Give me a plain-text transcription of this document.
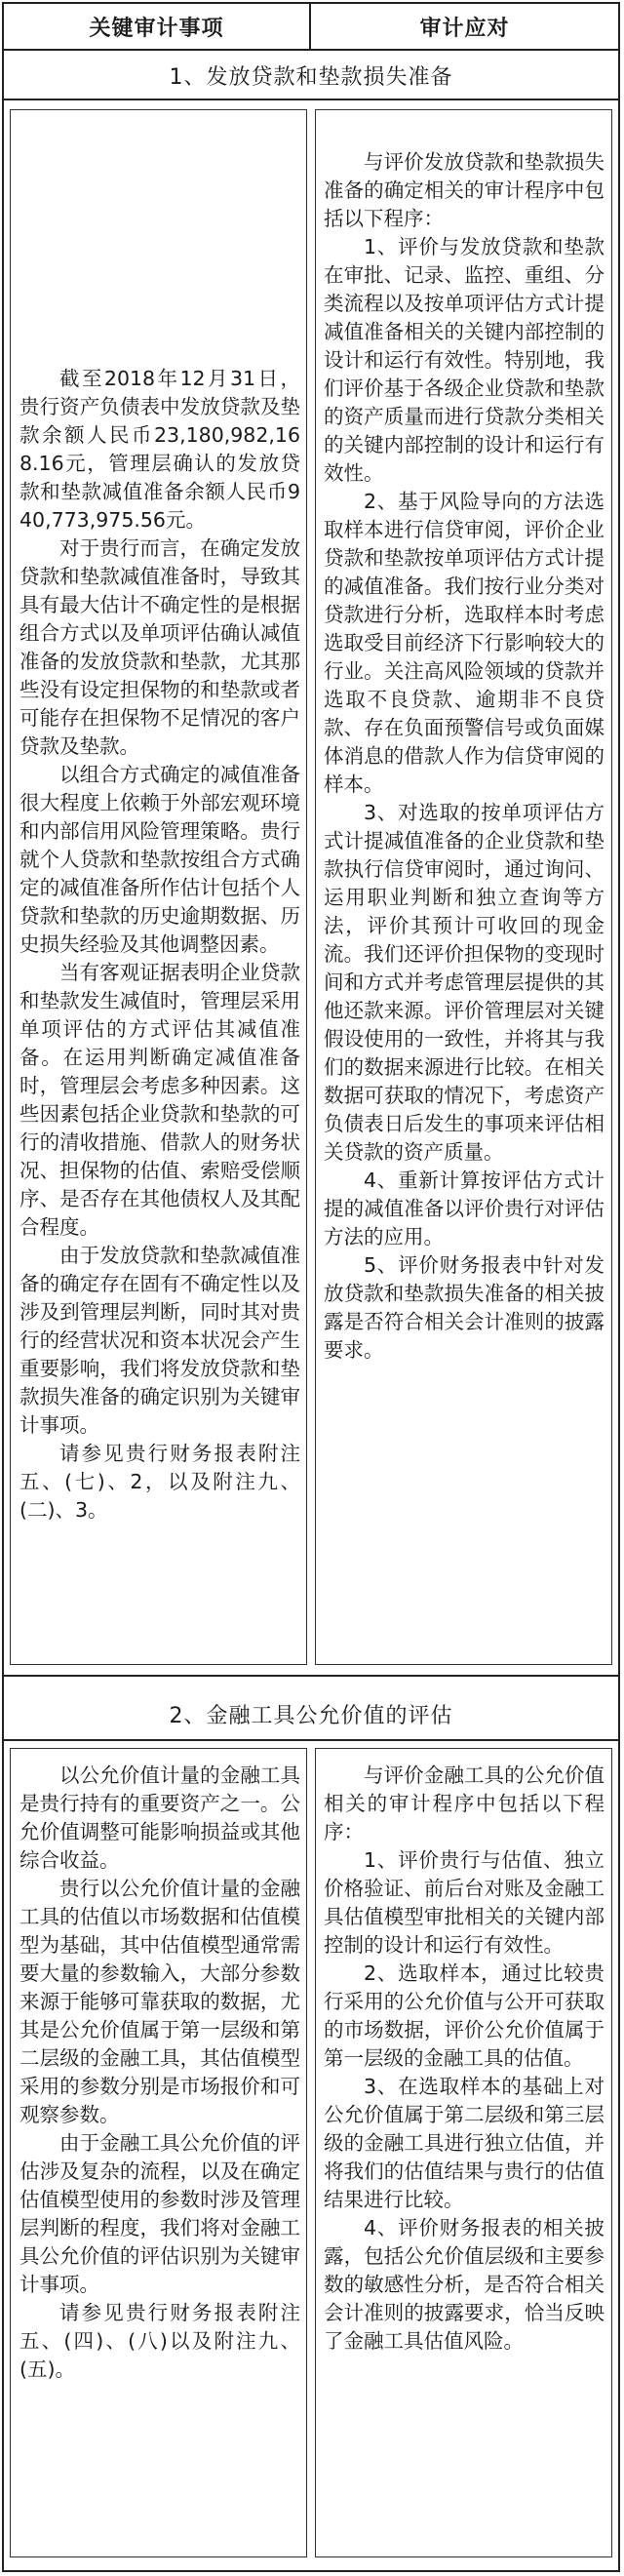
关键审计事项	审计应对
1、发放贷款和垫款损失准备

截至2018年12月31日，贵行资产负债表中发放贷款及垫款余额人民币23,180,982,168.16元，管理层确认的发放贷款和垫款减值准备余额人民币940,773,975.56元。

对于贵行而言，在确定发放贷款和垫款减值准备时，导致其具有最大估计不确定性的是根据组合方式以及单项评估确认减值准备的发放贷款和垫款，尤其那些没有设定担保物的和垫款或者可能存在担保物不足情况的客户贷款及垫款。

以组合方式确定的减值准备很大程度上依赖于外部宏观环境和内部信用风险管理策略。贵行就个人贷款和垫款按组合方式确定的减值准备所作估计包括个人贷款和垫款的历史逾期数据、历史损失经验及其他调整因素。

当有客观证据表明企业贷款和垫款发生减值时，管理层采用单项评估的方式评估其减值准备。在运用判断确定减值准备时，管理层会考虑多种因素。这些因素包括企业贷款和垫款的可行的清收措施、借款人的财务状况、担保物的估值、索赔受偿顺序、是否存在其他债权人及其配合程度。

由于发放贷款和垫款减值准备的确定存在固有不确定性以及涉及到管理层判断，同时其对贵行的经营状况和资本状况会产生重要影响，我们将发放贷款和垫款损失准备的确定识别为关键审计事项。

请参见贵行财务报表附注五、(七)、2，以及附注九、(二)、3。

与评价发放贷款和垫款损失准备的确定相关的审计程序中包括以下程序：

1、评价与发放贷款和垫款在审批、记录、监控、重组、分类流程以及按单项评估方式计提减值准备相关的关键内部控制的设计和运行有效性。特别地，我们评价基于各级企业贷款和垫款的资产质量而进行贷款分类相关的关键内部控制的设计和运行有效性。

2、基于风险导向的方法选取样本进行信贷审阅，评价企业贷款和垫款按单项评估方式计提的减值准备。我们按行业分类对贷款进行分析，选取样本时考虑选取受目前经济下行影响较大的行业。关注高风险领域的贷款并选取不良贷款、逾期非不良贷款、存在负面预警信号或负面媒体消息的借款人作为信贷审阅的样本。

3、对选取的按单项评估方式计提减值准备的企业贷款和垫款执行信贷审阅时，通过询问、运用职业判断和独立查询等方法，评价其预计可收回的现金流。我们还评价担保物的变现时间和方式并考虑管理层提供的其他还款来源。评价管理层对关键假设使用的一致性，并将其与我们的数据来源进行比较。在相关数据可获取的情况下，考虑资产负债表日后发生的事项来评估相关贷款的资产质量。

4、重新计算按评估方式计提的减值准备以评价贵行对评估方法的应用。

5、评价财务报表中针对发放贷款和垫款损失准备的相关披露是否符合相关会计准则的披露要求。

2、金融工具公允价值的评估

以公允价值计量的金融工具是贵行持有的重要资产之一。公允价值调整可能影响损益或其他综合收益。

贵行以公允价值计量的金融工具的估值以市场数据和估值模型为基础，其中估值模型通常需要大量的参数输入，大部分参数来源于能够可靠获取的数据，尤其是公允价值属于第一层级和第二层级的金融工具，其估值模型采用的参数分别是市场报价和可观察参数。

由于金融工具公允价值的评估涉及复杂的流程，以及在确定估值模型使用的参数时涉及管理层判断的程度，我们将对金融工具公允价值的评估识别为关键审计事项。

请参见贵行财务报表附注五、(四)、(八)以及附注九、(五)。

与评价金融工具的公允价值相关的审计程序中包括以下程序：

1、评价贵行与估值、独立价格验证、前后台对账及金融工具估值模型审批相关的关键内部控制的设计和运行有效性。

2、选取样本，通过比较贵行采用的公允价值与公开可获取的市场数据，评价公允价值属于第一层级的金融工具的估值。

3、在选取样本的基础上对公允价值属于第二层级和第三层级的金融工具进行独立估值，并将我们的估值结果与贵行的估值结果进行比较。

4、评价财务报表的相关披露，包括公允价值层级和主要参数的敏感性分析，是否符合相关会计准则的披露要求，恰当反映了金融工具估值风险。
